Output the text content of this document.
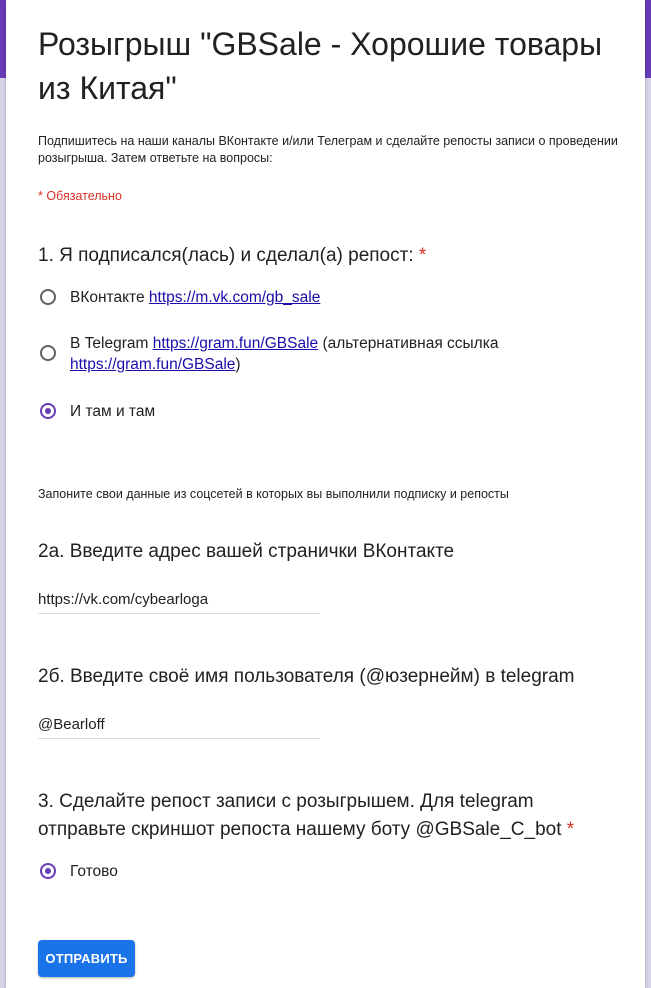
Розыгрыш "GBSale - Хорошие товары из Китая"
Подпишитесь на наши каналы ВКонтакте и/или Телеграм и сделайте репосты записи о проведении розыгрыша. Затем ответьте на вопросы:
* Обязательно
1. Я подписался(лась) и сделал(а) репост: *
ВКонтакте https://m.vk.com/gb_sale
В Telegram https://gram.fun/GBSale (альтернативная ссылка https://gram.fun/GBSale)
И там и там
Запоните свои данные из соцсетей в которых вы выполнили подписку и репосты
2а. Введите адрес вашей странички ВКонтакте
https://vk.com/cybearloga
2б. Введите своё имя пользователя (@юзернейм) в telegram
@Bearloff
3. Сделайте репост записи с розыгрышем. Для telegram отправьте скриншот репоста нашему боту @GBSale_C_bot *
Готово
ОТПРАВИТЬ
